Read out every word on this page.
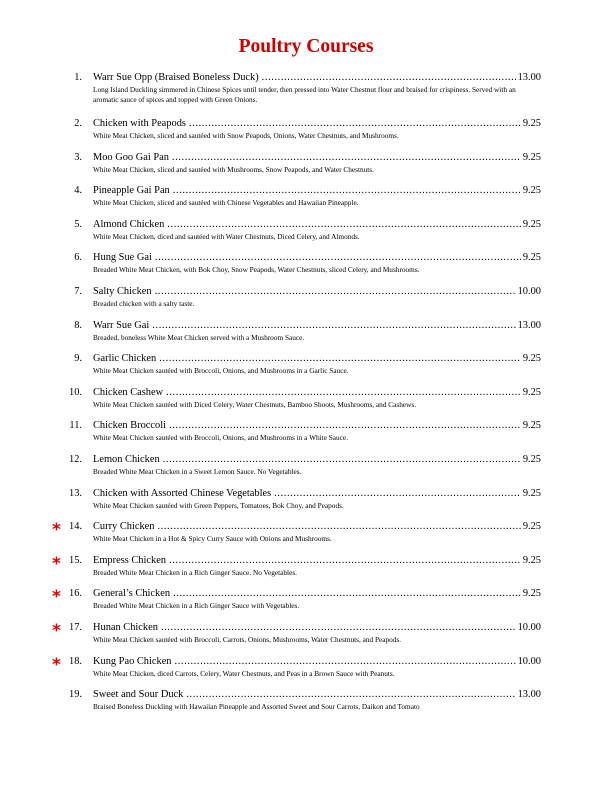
Poultry Courses
1. Warr Sue Opp (Braised Boneless Duck) .....	13.00
Long Island Duckling simmered in Chinese Spices until tender, then pressed into Water Chestnut flour and braised for crispiness. Served with an aromatic sauce of spices and topped with Green Onions.
2. Chicken with Peapods .....	9.25
White Meat Chicken, sliced and sautéed with Snow Peapods, Onions, Water Chestnuts, and Mushrooms.
3. Moo Goo Gai Pan .....	9.25
White Meat Chicken, sliced and sautéed with Mushrooms, Snow Peapods, and Water Chestnuts.
4. Pineapple Gai Pan .....	9.25
White Meat Chicken, sliced and sautéed with Chinese Vegetables and Hawaiian Pineapple.
5. Almond Chicken .....	9.25
White Meat Chicken, diced and sautéed with Water Chestnuts, Diced Celery, and Almonds.
6. Hung Sue Gai .....	9.25
Breaded White Meat Chicken, with Bok Choy, Snow Peapods, Water Chestnuts, sliced Celery, and Mushrooms.
7. Salty Chicken .....	10.00
Breaded chicken with a salty taste.
8. Warr Sue Gai .....	13.00
Breaded, boneless White Meat Chicken served with a Mushroom Sauce.
9. Garlic Chicken .....	9.25
White Meat Chicken sautéed with Broccoli, Onions, and Mushrooms in a Garlic Sauce.
10. Chicken Cashew .....	9.25
White Meat Chicken sautéed with Diced Celery, Water Chestnuts, Bamboo Shoots, Mushrooms, and Cashews.
11. Chicken Broccoli .....	9.25
White Meat Chicken sautéed with Broccoli, Onions, and Mushrooms in a White Sauce.
12. Lemon Chicken .....	9.25
Breaded White Meat Chicken in a Sweet Lemon Sauce. No Vegetables.
13. Chicken with Assorted Chinese Vegetables .....	9.25
White Meat Chicken sautéed with Green Peppers, Tomatoes, Bok Choy, and Peapods.
* 14. Curry Chicken .....	9.25
White Meat Chicken in a Hot & Spicy Curry Sauce with Onions and Mushrooms.
* 15. Empress Chicken .....	9.25
Breaded White Meat Chicken in a Rich Ginger Sauce. No Vegetables.
* 16. General’s Chicken .....	9.25
Breaded White Meat Chicken in a Rich Ginger Sauce with Vegetables.
* 17. Hunan Chicken .....	10.00
White Meat Chicken sautéed with Broccoli, Carrots, Onions, Mushrooms, Water Chestnuts, and Peapods.
* 18. Kung Pao Chicken .....	10.00
White Meat Chicken, diced Carrots, Celery, Water Chestnuts, and Peas in a Brown Sauce with Peanuts.
19. Sweet and Sour Duck .....	13.00
Braised Boneless Duckling with Hawaiian Pineapple and Assorted Sweet and Sour Carrots, Daikon and Tomato
